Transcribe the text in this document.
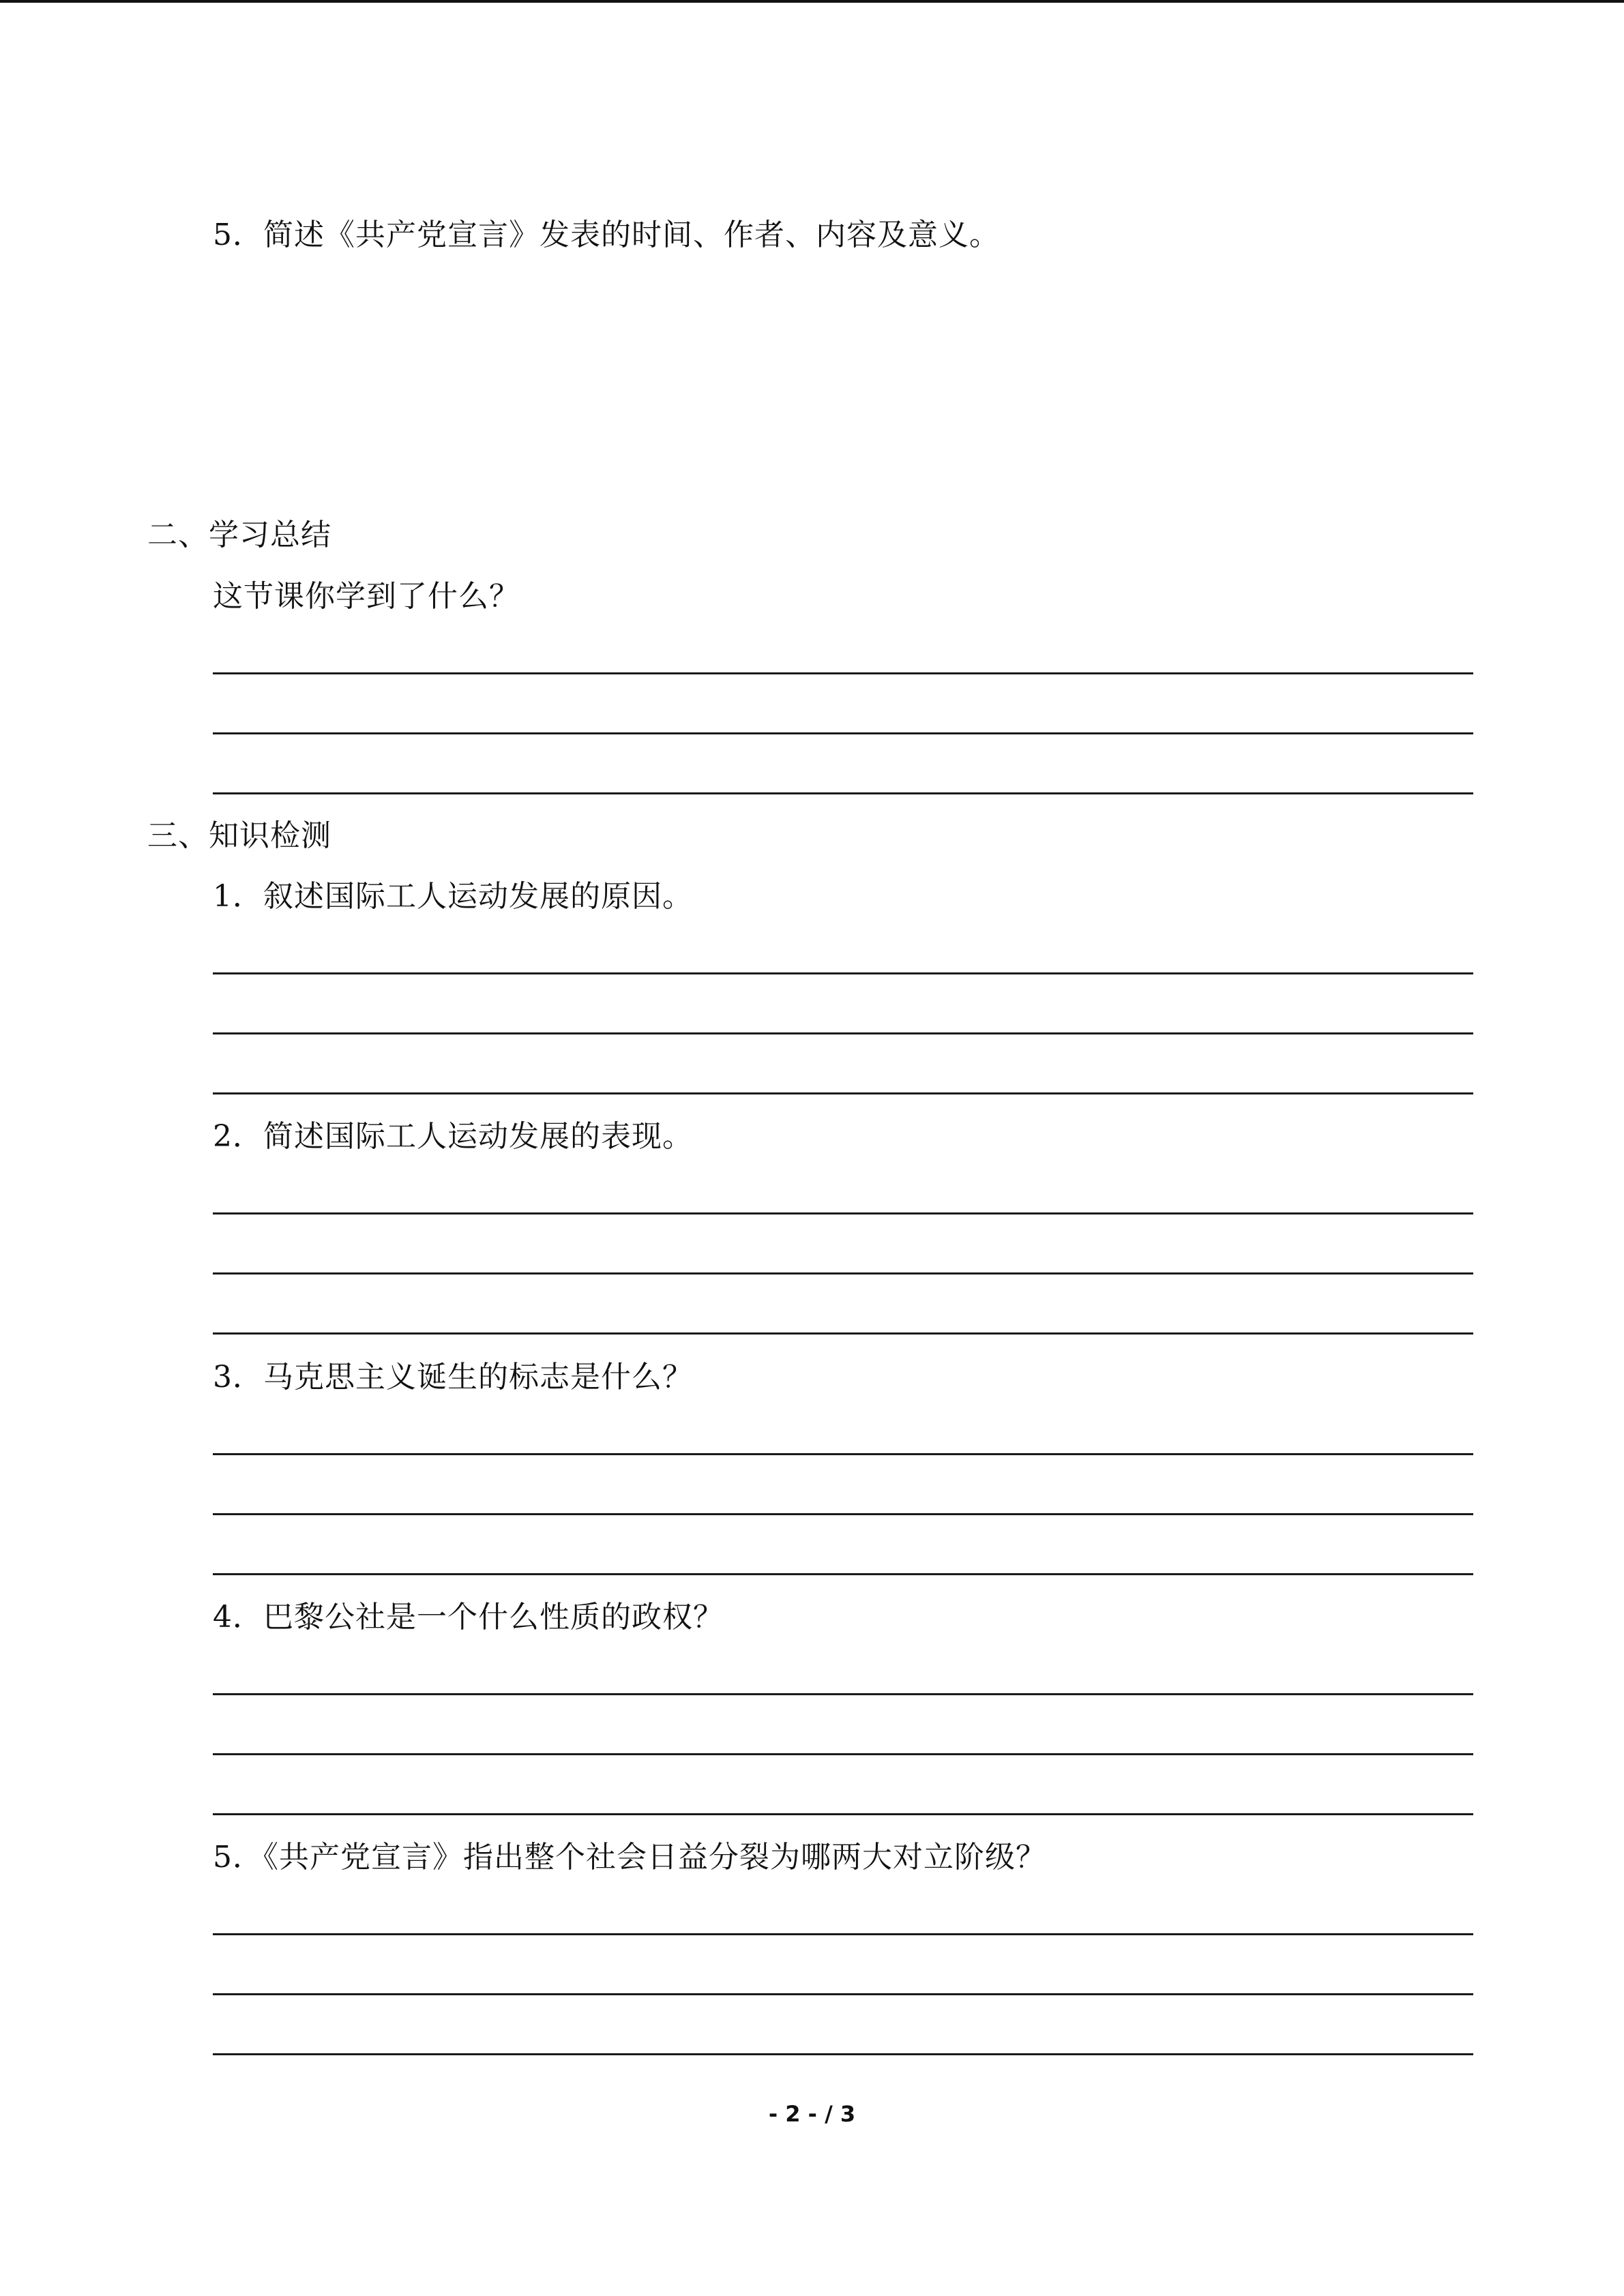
5．简述《共产党宣言》发表的时间、作者、内容及意义。
二、学习总结
这节课你学到了什么？
三、知识检测
1．叙述国际工人运动发展的原因。
2．简述国际工人运动发展的表现。
3．马克思主义诞生的标志是什么？
4．巴黎公社是一个什么性质的政权？
5．《共产党宣言》指出整个社会日益分裂为哪两大对立阶级？
- 2 - / 3
